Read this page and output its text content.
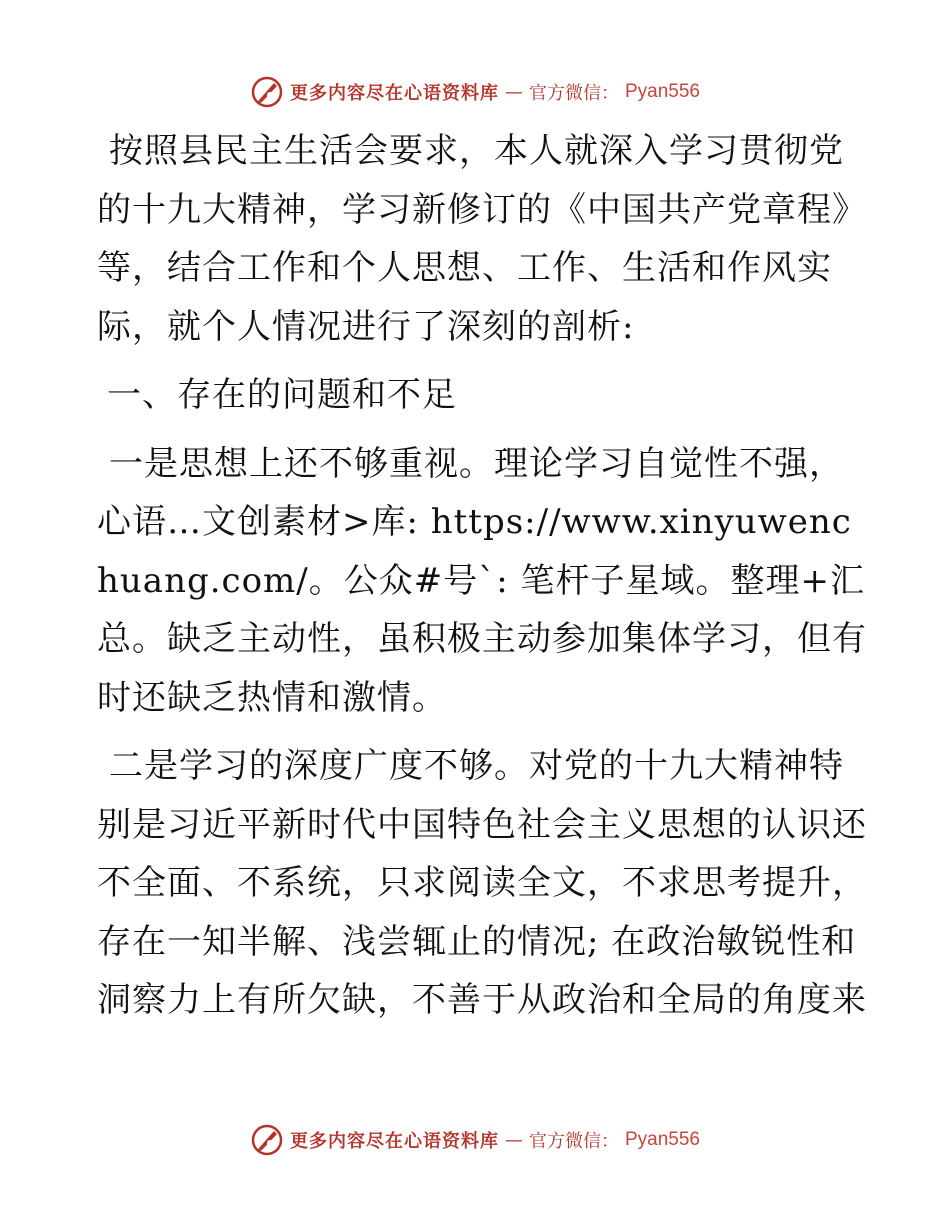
更多内容尽在心语资料库 — 官方微信： Pyan556

按照县民主生活会要求，本人就深入学习贯彻党的十九大精神，学习新修订的《中国共产党章程》等，结合工作和个人思想、工作、生活和作风实际，就个人情况进行了深刻的剖析:

一、存在的问题和不足

一是思想上还不够重视。理论学习自觉性不强，心语…文创素材>库: https://www.xinyuwenchuang.com/。公众#号`: 笔杆子星域。整理+汇总。缺乏主动性，虽积极主动参加集体学习，但有时还缺乏热情和激情。

二是学习的深度广度不够。对党的十九大精神特别是习近平新时代中国特色社会主义思想的认识还不全面、不系统，只求阅读全文，不求思考提升，存在一知半解、浅尝辄止的情况; 在政治敏锐性和洞察力上有所欠缺，不善于从政治和全局的角度来

更多内容尽在心语资料库 — 官方微信： Pyan556
